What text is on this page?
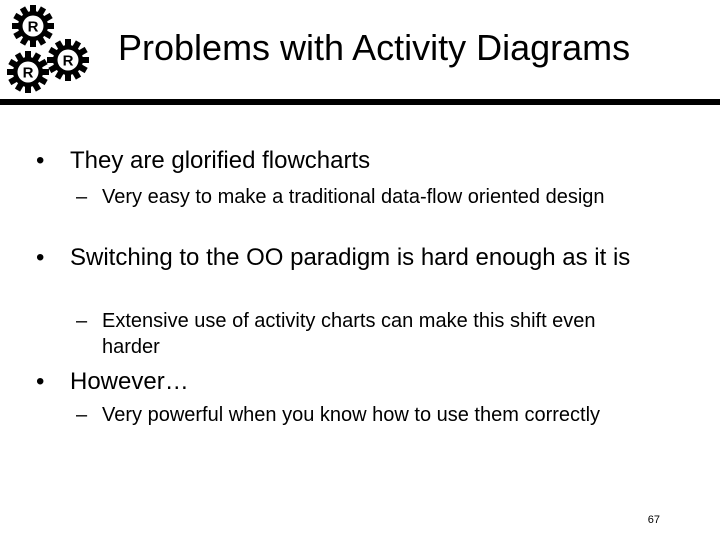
R
R
R Problems with Activity Diagrams
• They are glorified flowcharts
– Very easy to make a traditional data-flow oriented design
• Switching to the OO paradigm is hard enough as it is
– Extensive use of activity charts can make this shift even harder
• However…
– Very powerful when you know how to use them correctly
67
